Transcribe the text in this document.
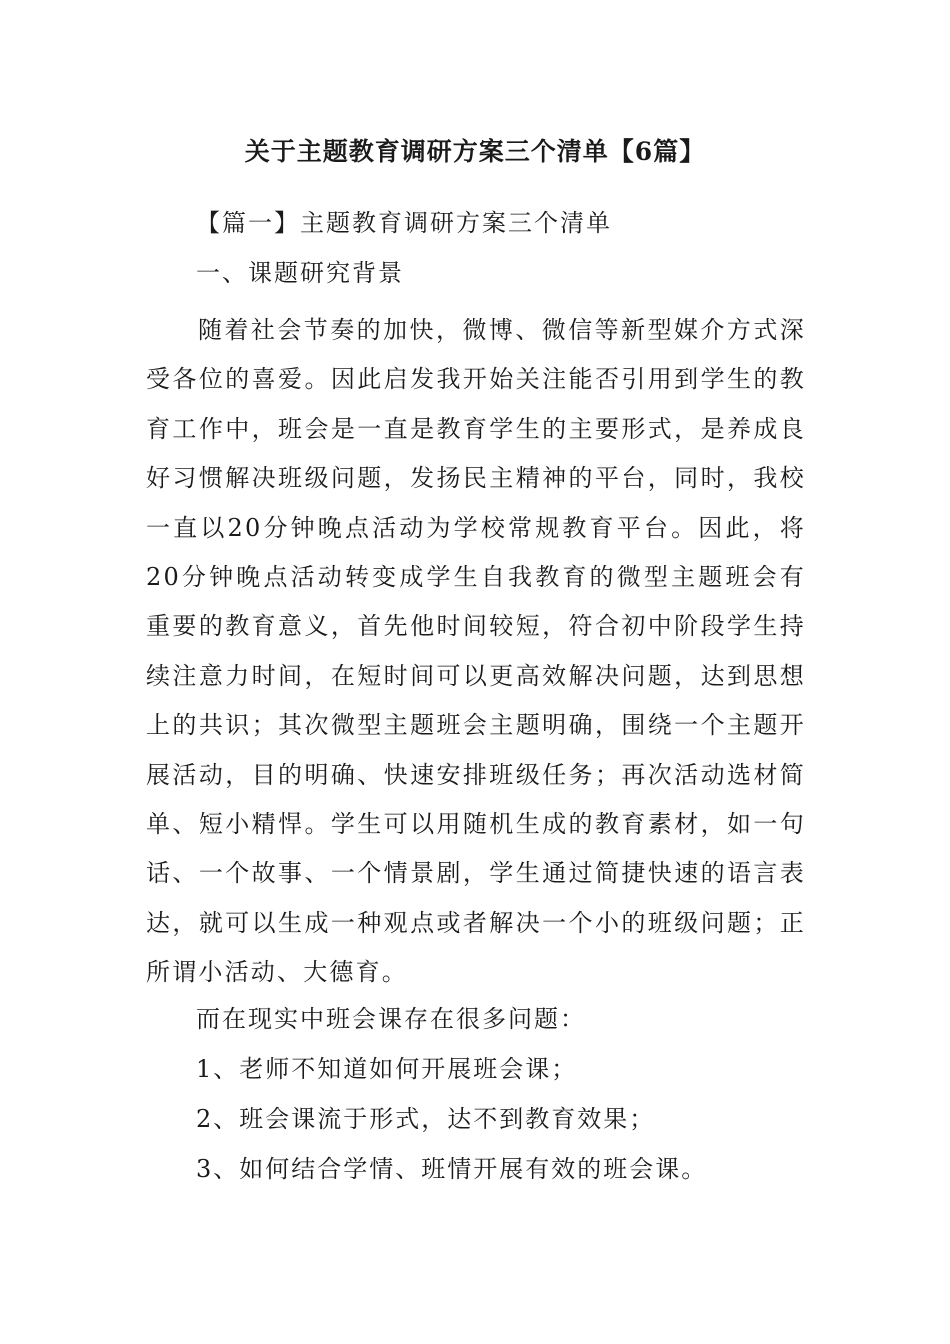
关于主题教育调研方案三个清单【6篇】
【篇一】主题教育调研方案三个清单
一、课题研究背景

随着社会节奏的加快，微博、微信等新型媒介方式深受各位的喜爱。因此启发我开始关注能否引用到学生的教育工作中，班会是一直是教育学生的主要形式，是养成良好习惯解决班级问题，发扬民主精神的平台，同时，我校一直以20分钟晚点活动为学校常规教育平台。因此，将20分钟晚点活动转变成学生自我教育的微型主题班会有重要的教育意义，首先他时间较短，符合初中阶段学生持续注意力时间，在短时间可以更高效解决问题，达到思想上的共识；其次微型主题班会主题明确，围绕一个主题开展活动，目的明确、快速安排班级任务；再次活动选材简单、短小精悍。学生可以用随机生成的教育素材，如一句话、一个故事、一个情景剧，学生通过简捷快速的语言表达，就可以生成一种观点或者解决一个小的班级问题；正所谓小活动、大德育。

而在现实中班会课存在很多问题：
1、老师不知道如何开展班会课；
2、班会课流于形式，达不到教育效果；
3、如何结合学情、班情开展有效的班会课。
